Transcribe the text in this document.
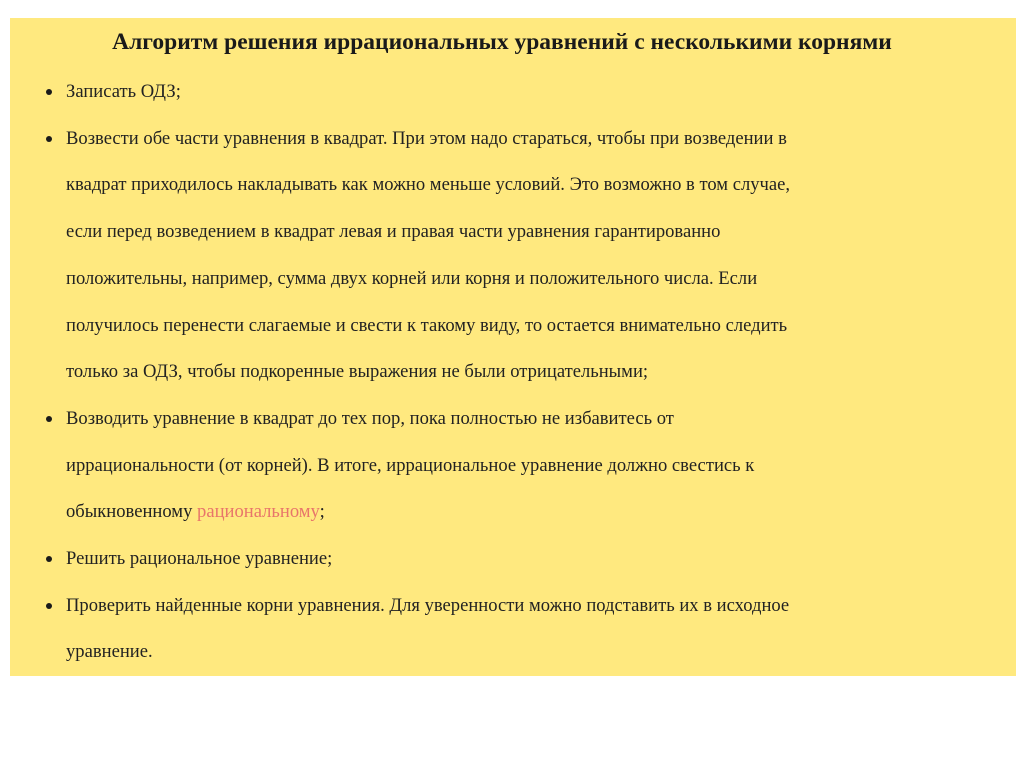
Алгоритм решения иррациональных уравнений с несколькими корнями
Записать ОДЗ;
Возвести обе части уравнения в квадрат. При этом надо стараться, чтобы при возведении в
квадрат приходилось накладывать как можно меньше условий. Это возможно в том случае,
если перед возведением в квадрат левая и правая части уравнения гарантированно
положительны, например, сумма двух корней или корня и положительного числа. Если
получилось перенести слагаемые и свести к такому виду, то остается внимательно следить
только за ОДЗ, чтобы подкоренные выражения не были отрицательными;
Возводить уравнение в квадрат до тех пор, пока полностью не избавитесь от
иррациональности (от корней). В итоге, иррациональное уравнение должно свестись к
обыкновенному рациональному;
Решить рациональное уравнение;
Проверить найденные корни уравнения. Для уверенности можно подставить их в исходное
уравнение.
